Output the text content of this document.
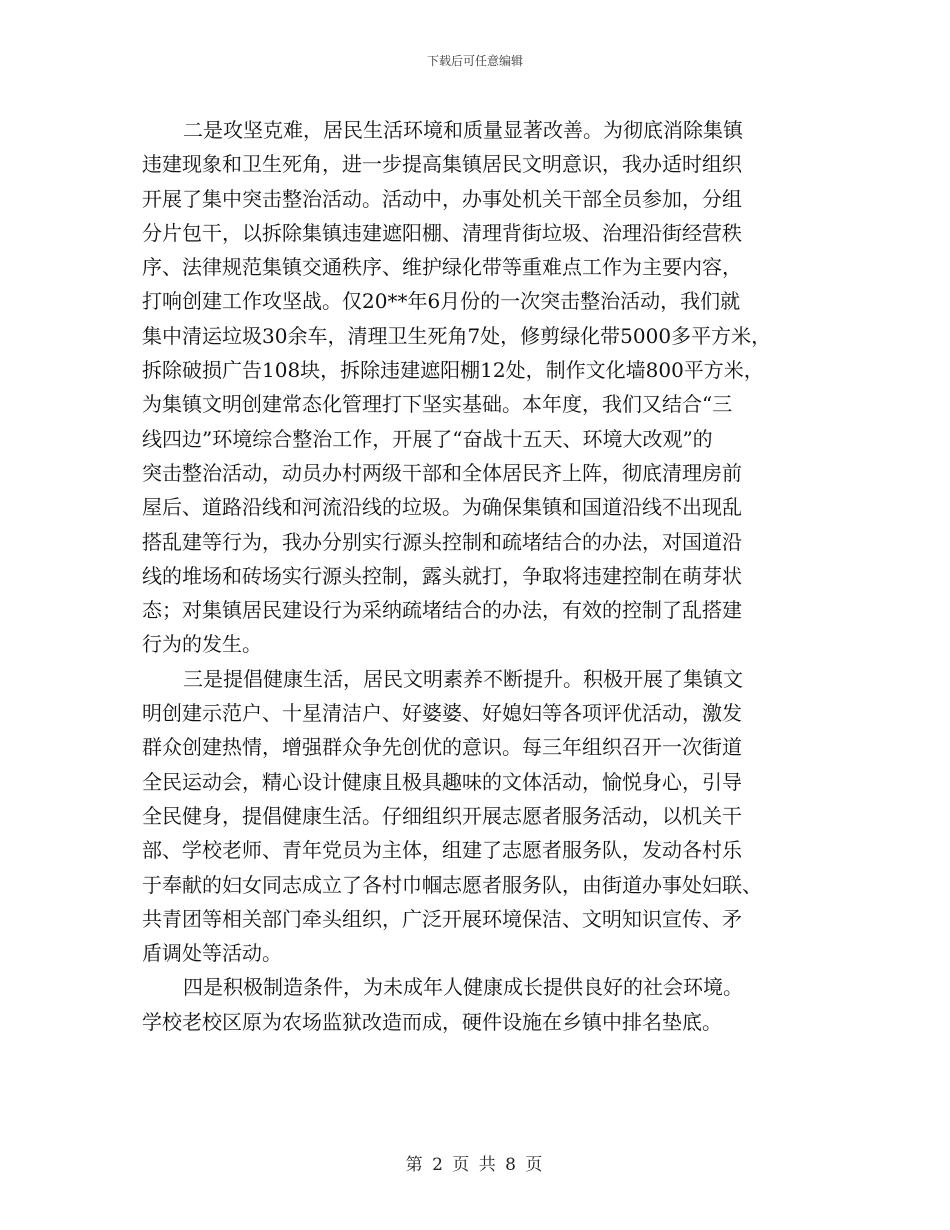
下载后可任意编辑
二是攻坚克难，居民生活环境和质量显著改善。为彻底消除集镇
违建现象和卫生死角，进一步提高集镇居民文明意识，我办适时组织
开展了集中突击整治活动。活动中，办事处机关干部全员参加，分组
分片包干，以拆除集镇违建遮阳棚、清理背街垃圾、治理沿街经营秩
序、法律规范集镇交通秩序、维护绿化带等重难点工作为主要内容，
打响创建工作攻坚战。仅20**年6月份的一次突击整治活动，我们就
集中清运垃圾30余车，清理卫生死角7处，修剪绿化带5000多平方米，
拆除破损广告108块，拆除违建遮阳棚12处，制作文化墙800平方米，
为集镇文明创建常态化管理打下坚实基础。本年度，我们又结合“三
线四边”环境综合整治工作，开展了“奋战十五天、环境大改观”的
突击整治活动，动员办村两级干部和全体居民齐上阵，彻底清理房前
屋后、道路沿线和河流沿线的垃圾。为确保集镇和国道沿线不出现乱
搭乱建等行为，我办分别实行源头控制和疏堵结合的办法，对国道沿
线的堆场和砖场实行源头控制，露头就打，争取将违建控制在萌芽状
态；对集镇居民建设行为采纳疏堵结合的办法，有效的控制了乱搭建
行为的发生。
三是提倡健康生活，居民文明素养不断提升。积极开展了集镇文
明创建示范户、十星清洁户、好婆婆、好媳妇等各项评优活动，激发
群众创建热情，增强群众争先创优的意识。每三年组织召开一次街道
全民运动会，精心设计健康且极具趣味的文体活动，愉悦身心，引导
全民健身，提倡健康生活。仔细组织开展志愿者服务活动，以机关干
部、学校老师、青年党员为主体，组建了志愿者服务队，发动各村乐
于奉献的妇女同志成立了各村巾帼志愿者服务队，由街道办事处妇联、
共青团等相关部门牵头组织，广泛开展环境保洁、文明知识宣传、矛
盾调处等活动。
四是积极制造条件，为未成年人健康成长提供良好的社会环境。
学校老校区原为农场监狱改造而成，硬件设施在乡镇中排名垫底。
第 2 页 共 8 页
